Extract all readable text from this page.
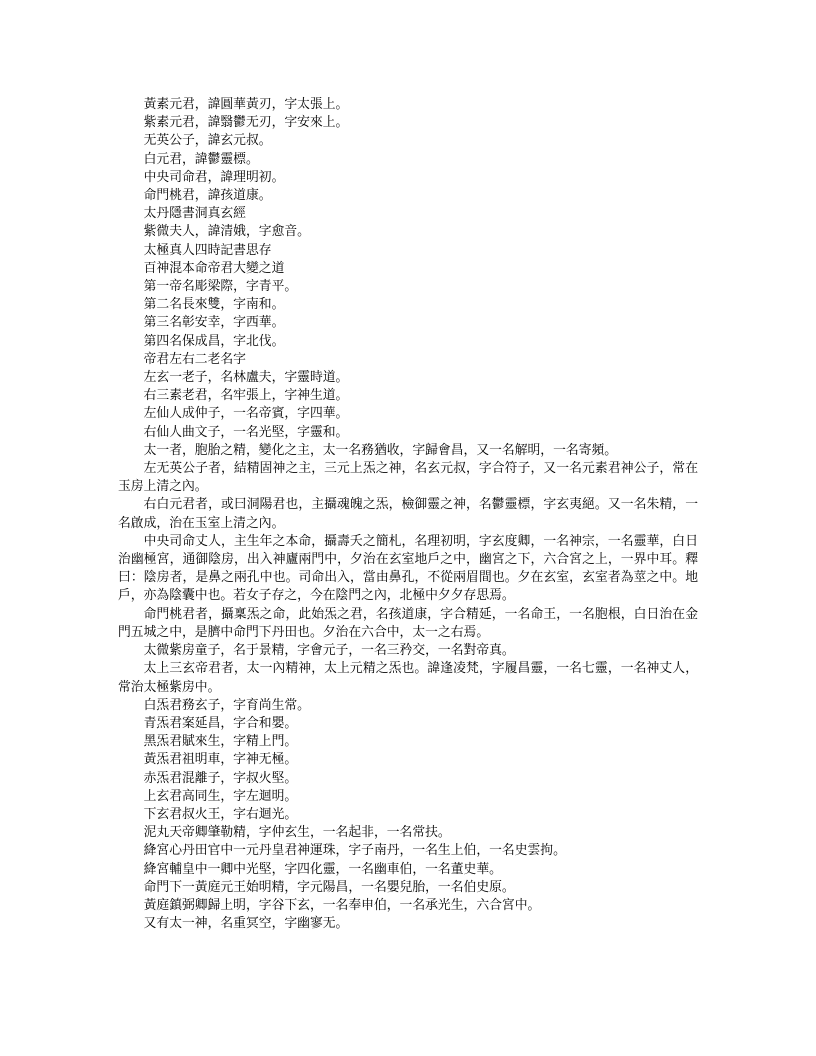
黃素元君，諱圓華黃刃，字太張上。

紫素元君，諱翳鬱无刃，字安來上。

无英公子，諱玄元叔。

白元君，諱鬱靈標。

中央司命君，諱理明初。

命門桃君，諱孩道康。

太丹隱書洞真玄經

紫微夫人，諱清娥，字愈音。

太極真人四時記書思存

百神混本命帝君大變之道

第一帝名彫梁際，字青平。

第二名長來雙，字南和。

第三名彰安幸，字西華。

第四名保成昌，字北伐。

帝君左右二老名字

左玄一老子，名林盧夫，字靈時道。

右三素老君，名牢張上，字神生道。

左仙人成仲子，一名帝賓，字四華。

右仙人曲文子，一名光堅，字靈和。

太一者，胞胎之精，變化之主，太一名務猶收，字歸會昌，又一名解明，一名寄頻。

左无英公子者，結精固神之主，三元上炁之神，名玄元叔，字合符子，又一名元素君神公子，常在玉房上清之內。

右白元君者，或曰洞陽君也，主攝魂魄之炁，檢御靈之神，名鬱靈標，字玄夷絕。又一名朱精，一名啟成，治在玉室上清之內。

中央司命丈人，主生年之本命，攝壽夭之簡札，名理初明，字玄度卿，一名神宗，一名靈華，白日治幽極宮，通御陰房，出入神廬兩門中，夕治在玄室地戶之中，幽宮之下，六合宮之上，一界中耳。釋曰：陰房者，是鼻之兩孔中也。司命出入，當由鼻孔，不從兩眉間也。夕在玄室，玄室者為莖之中。地戶，亦為陰囊中也。若女子存之，今在陰門之內，北極中夕夕存思焉。

命門桃君者，攝稟炁之命，此始炁之君，名孩道康，字合精延，一名命王，一名胞根，白日治在金門五城之中，是臍中命門下丹田也。夕治在六合中，太一之右焉。

太微紫房童子，名于景精，字會元子，一名三矜交，一名對帝真。

太上三玄帝君者，太一內精神，太上元精之炁也。諱逢凌梵，字履昌靈，一名七靈，一名神丈人，常治太極紫房中。

白炁君務玄子，字育尚生常。

青炁君案延昌，字合和嬰。

黑炁君賦來生，字精上門。

黃炁君祖明車，字神无極。

赤炁君混離子，字叔火堅。

上玄君高同生，字左迴明。

下玄君叔火王，字右迴光。

泥丸天帝卿肇勒精，字仲玄生，一名起非，一名常扶。

絳宮心丹田官中一元丹皇君神運珠，字子南丹，一名生上伯，一名史雲拘。

絳宮輔皇中一卿中光堅，字四化靈，一名幽車伯，一名董史華。

命門下一黃庭元王始明精，字元陽昌，一名嬰兒胎，一名伯史原。

黃庭鎮弼卿歸上明，字谷下玄，一名奉申伯，一名承光生，六合宮中。

又有太一神，名重冥空，字幽寥无。
